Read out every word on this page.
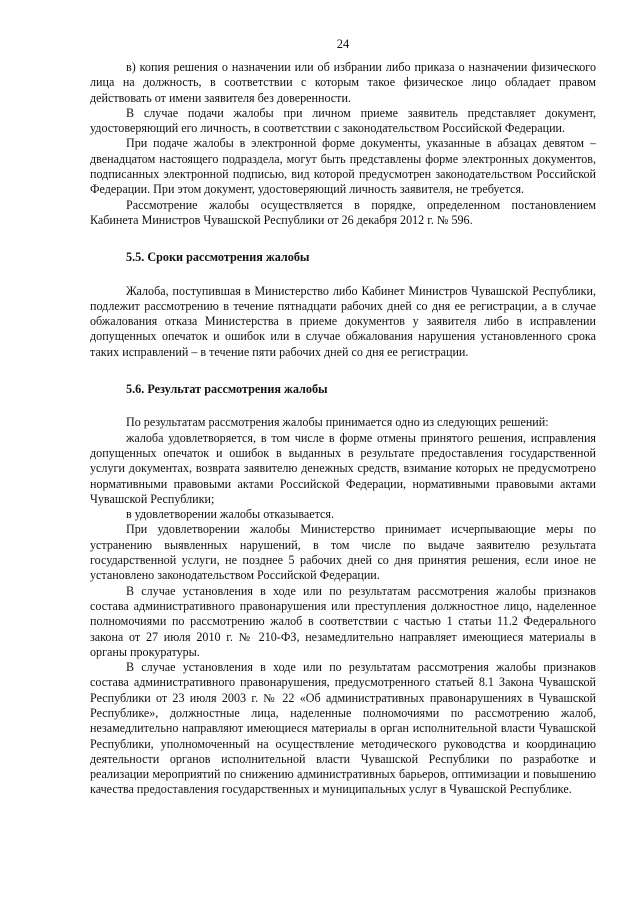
24

в) копия решения о назначении или об избрании либо приказа о назначении физического лица на должность, в соответствии с которым такое физическое лицо обладает правом действовать от имени заявителя без доверенности.

В случае подачи жалобы при личном приеме заявитель представляет документ, удостоверяющий его личность, в соответствии с законодательством Российской Федерации.

При подаче жалобы в электронной форме документы, указанные в абзацах девятом – двенадцатом настоящего подраздела, могут быть представлены форме электронных документов, подписанных электронной подписью, вид которой предусмотрен законодательством Российской Федерации. При этом документ, удостоверяющий личность заявителя, не требуется.

Рассмотрение жалобы осуществляется в порядке, определенном постановлением Кабинета Министров Чувашской Республики от 26 декабря 2012 г. № 596.

5.5. Сроки рассмотрения жалобы

Жалоба, поступившая в Министерство либо Кабинет Министров Чувашской Республики, подлежит рассмотрению в течение пятнадцати рабочих дней со дня ее регистрации, а в случае обжалования отказа Министерства в приеме документов у заявителя либо в исправлении допущенных опечаток и ошибок или в случае обжалования нарушения установленного срока таких исправлений – в течение пяти рабочих дней со дня ее регистрации.

5.6. Результат рассмотрения жалобы

По результатам рассмотрения жалобы принимается одно из следующих решений:

жалоба удовлетворяется, в том числе в форме отмены принятого решения, исправления допущенных опечаток и ошибок в выданных в результате предоставления государственной услуги документах, возврата заявителю денежных средств, взимание которых не предусмотрено нормативными правовыми актами Российской Федерации, нормативными правовыми актами Чувашской Республики;

в удовлетворении жалобы отказывается.

При удовлетворении жалобы Министерство принимает исчерпывающие меры по устранению выявленных нарушений, в том числе по выдаче заявителю результата государственной услуги, не позднее 5 рабочих дней со дня принятия решения, если иное не установлено законодательством Российской Федерации.

В случае установления в ходе или по результатам рассмотрения жалобы признаков состава административного правонарушения или преступления должностное лицо, наделенное полномочиями по рассмотрению жалоб в соответствии с частью 1 статьи 11.2 Федерального закона от 27 июля 2010 г. № 210-ФЗ, незамедлительно направляет имеющиеся материалы в органы прокуратуры.

В случае установления в ходе или по результатам рассмотрения жалобы признаков состава административного правонарушения, предусмотренного статьей 8.1 Закона Чувашской Республики от 23 июля 2003 г. № 22 «Об административных правонарушениях в Чувашской Республике», должностные лица, наделенные полномочиями по рассмотрению жалоб, незамедлительно направляют имеющиеся материалы в орган исполнительной власти Чувашской Республики, уполномоченный на осуществление методического руководства и координацию деятельности органов исполнительной власти Чувашской Республики по разработке и реализации мероприятий по снижению административных барьеров, оптимизации и повышению качества предоставления государственных и муниципальных услуг в Чувашской Республике.
